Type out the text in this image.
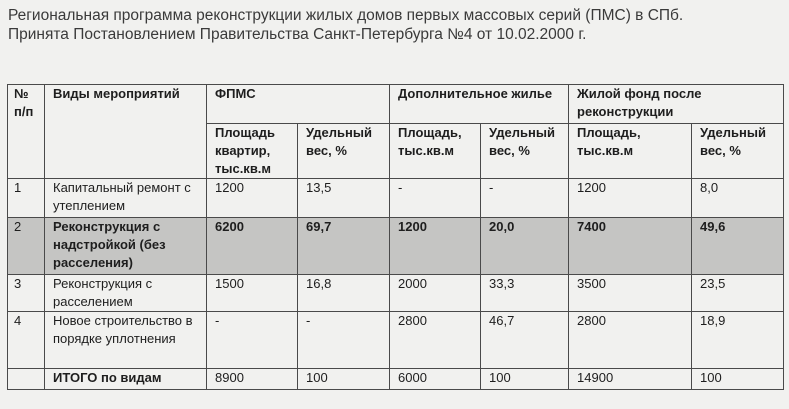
Региональная программа реконструкции жилых домов первых массовых серий (ПМС) в СПб.
Принята Постановлением Правительства Санкт-Петербурга №4 от 10.02.2000 г.
№ п/п	Виды мероприятий	ФПМС		Дополнительное жилье		Жилой фонд после реконструкции	
		Площадь квартир, тыс.кв.м	Удельный вес, %	Площадь, тыс.кв.м	Удельный вес, %	Площадь, тыс.кв.м	Удельный вес, %
1	Капитальный ремонт с утеплением	1200	13,5	-	-	1200	8,0
2	Реконструкция с надстройкой (без расселения)	6200	69,7	1200	20,0	7400	49,6
3	Реконструкция с расселением	1500	16,8	2000	33,3	3500	23,5
4	Новое строительство в порядке уплотнения	-	-	2800	46,7	2800	18,9
	ИТОГО по видам	8900	100	6000	100	14900	100
